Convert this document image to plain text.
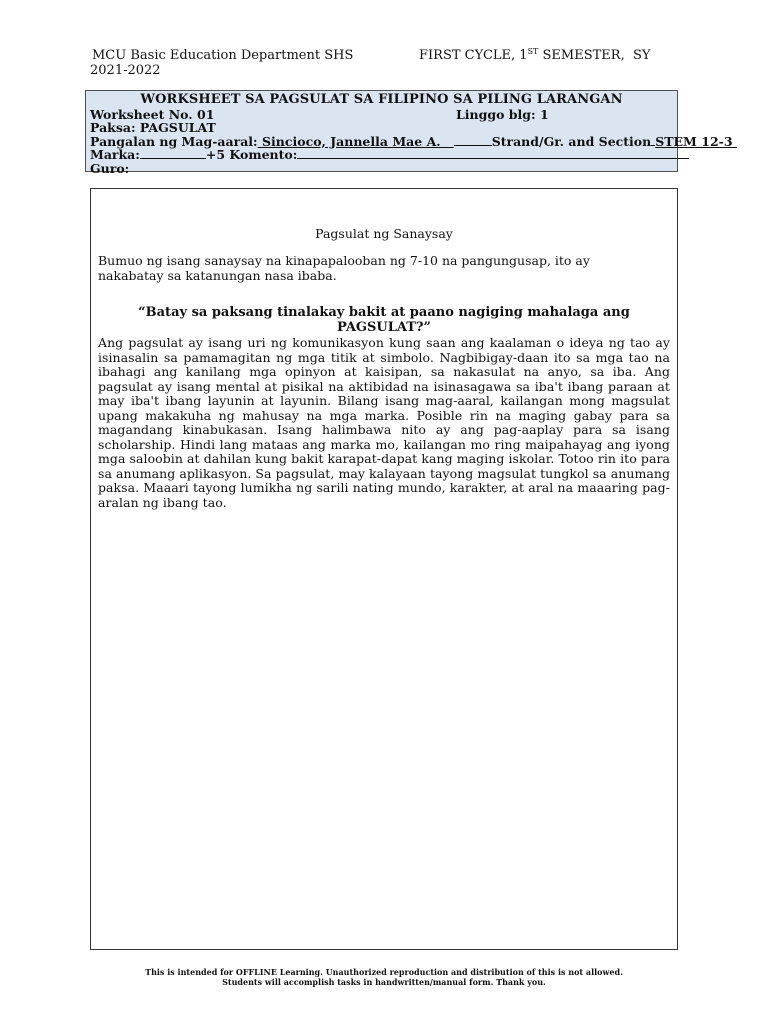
MCU Basic Education Department SHS
2021-2022
FIRST CYCLE, 1ST SEMESTER,  SY
WORKSHEET SA PAGSULAT SA FILIPINO SA PILING LARANGAN
Worksheet No. 01	Linggo blg: 1
Paksa: PAGSULAT
Pangalan ng Mag-aaral: Sincioco, Jannella Mae A.	Strand/Gr. and Section STEM 12-3
Marka:	+5 Komento:
Guro:
Pagsulat ng Sanaysay
Bumuo ng isang sanaysay na kinapapalooban ng 7-10 na pangungusap, ito ay nakabatay sa katanungan nasa ibaba.
“Batay sa paksang tinalakay bakit at paano nagiging mahalaga ang PAGSULAT?”
Ang pagsulat ay isang uri ng komunikasyon kung saan ang kaalaman o ideya ng tao ay isinasalin sa pamamagitan ng mga titik at simbolo. Nagbibigay-daan ito sa mga tao na ibahagi ang kanilang mga opinyon at kaisipan, sa nakasulat na anyo, sa iba. Ang pagsulat ay isang mental at pisikal na aktibidad na isinasagawa sa iba't ibang paraan at may iba't ibang layunin at layunin. Bilang isang mag-aaral, kailangan mong magsulat upang makakuha ng mahusay na mga marka. Posible rin na maging gabay para sa magandang kinabukasan. Isang halimbawa nito ay ang pag-aaplay para sa isang scholarship. Hindi lang mataas ang marka mo, kailangan mo ring maipahayag ang iyong mga saloobin at dahilan kung bakit karapat-dapat kang maging iskolar. Totoo rin ito para sa anumang aplikasyon. Sa pagsulat, may kalayaan tayong magsulat tungkol sa anumang paksa. Maaari tayong lumikha ng sarili nating mundo, karakter, at aral na maaaring pag-aralan ng ibang tao.
This is intended for OFFLINE Learning. Unauthorized reproduction and distribution of this is not allowed.
Students will accomplish tasks in handwritten/manual form. Thank you.
